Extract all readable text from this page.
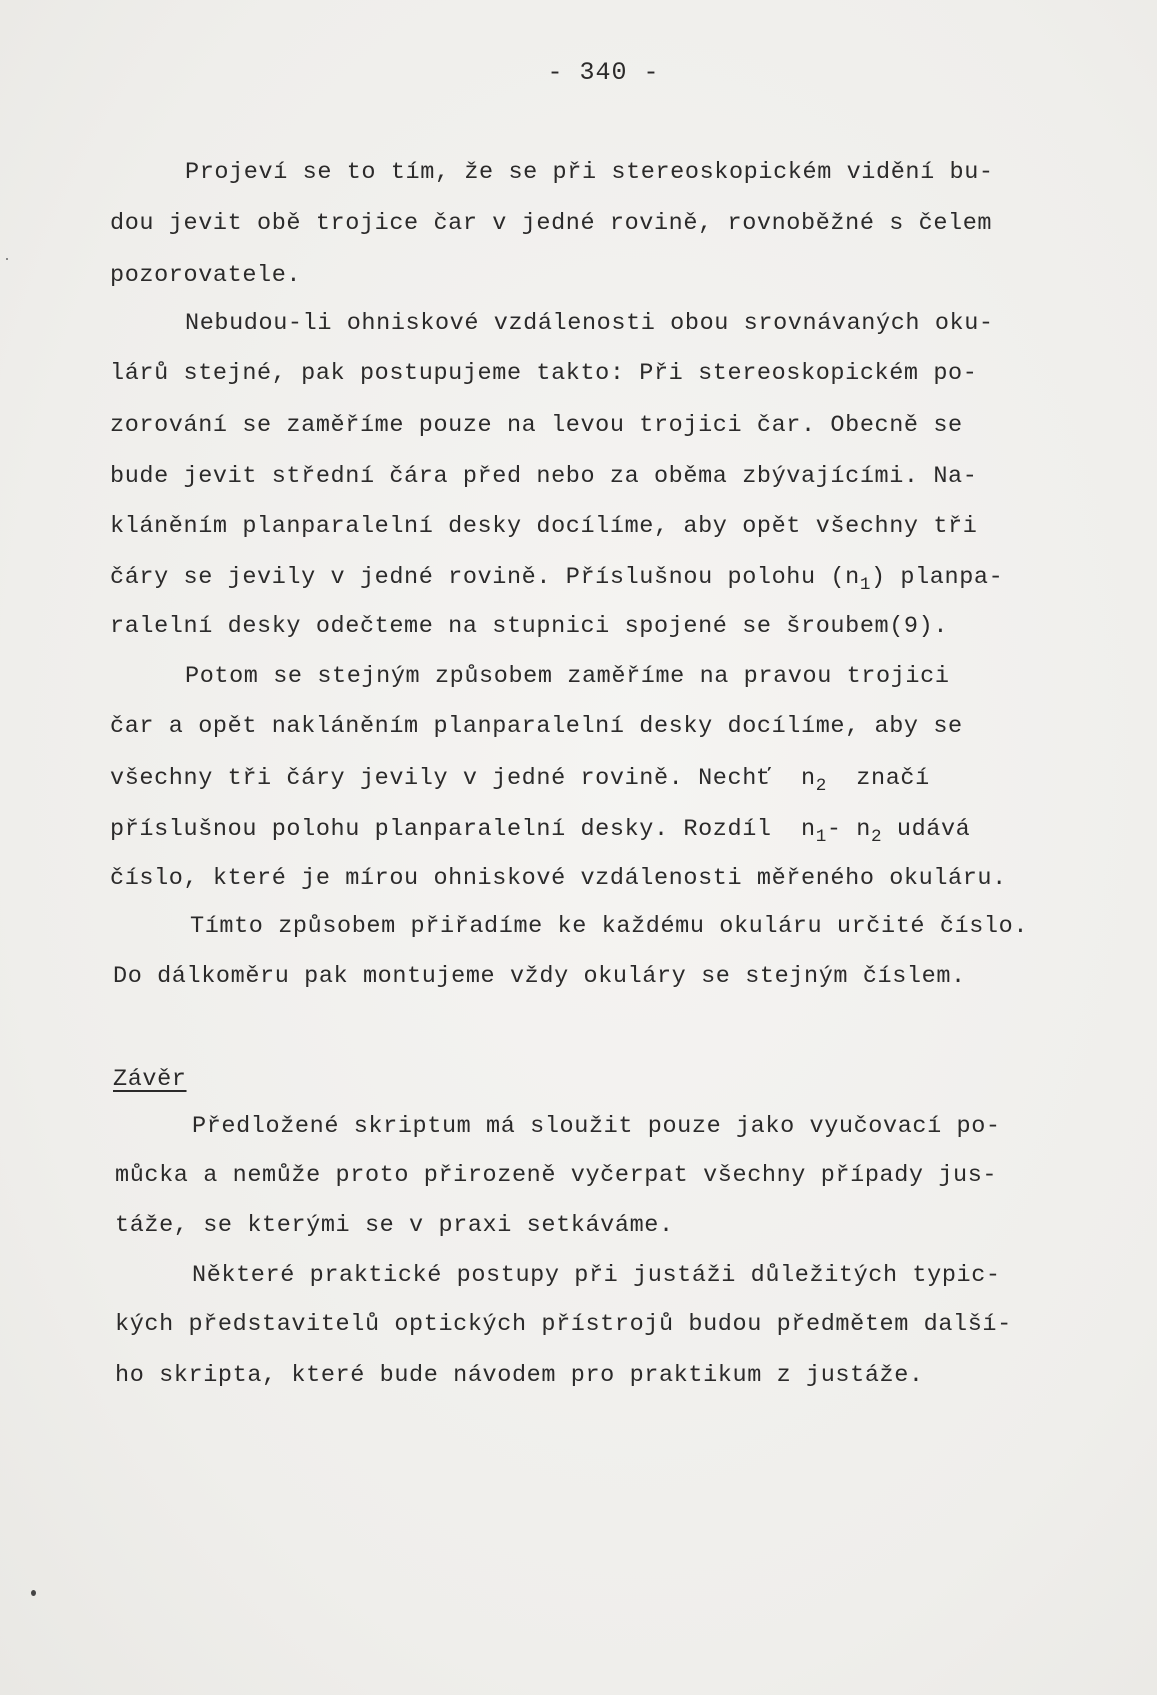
- 340 -
Projeví se to tím, že se při stereoskopickém vidění bu-
dou jevit obě trojice čar v jedné rovině, rovnoběžné s čelem
pozorovatele.
Nebudou-li ohniskové vzdálenosti obou srovnávaných oku-
lárů stejné, pak postupujeme takto: Při stereoskopickém po-
zorování se zaměříme pouze na levou trojici čar. Obecně se
bude jevit střední čára před nebo za oběma zbývajícími. Na-
kláněním planparalelní desky docílíme, aby opět všechny tři
čáry se jevily v jedné rovině. Příslušnou polohu $(n_1)$ planpa-
ralelní desky odečteme na stupnici spojené se šroubem(9).
Potom se stejným způsobem zaměříme na pravou trojici
čar a opět nakláněním planparalelní desky docílíme, aby se
všechny tři čáry jevily v jedné rovině. Nechť  $n_2$  značí
příslušnou polohu planparalelní desky. Rozdíl  $n_1-$ $n_2$ udává
číslo, které je mírou ohniskové vzdálenosti měřeného okuláru.
Tímto způsobem přiřadíme ke každému okuláru určité číslo.
Do dálkoměru pak montujeme vždy okuláry se stejným číslem.
Závěr
Předložené skriptum má sloužit pouze jako vyučovací po-
můcka a nemůže proto přirozeně vyčerpat všechny případy jus-
táže, se kterými se v praxi setkáváme.
Některé praktické postupy při justáži důležitých typic-
kých představitelů optických přístrojů budou předmětem další-
ho skripta, které bude návodem pro praktikum z justáže.
